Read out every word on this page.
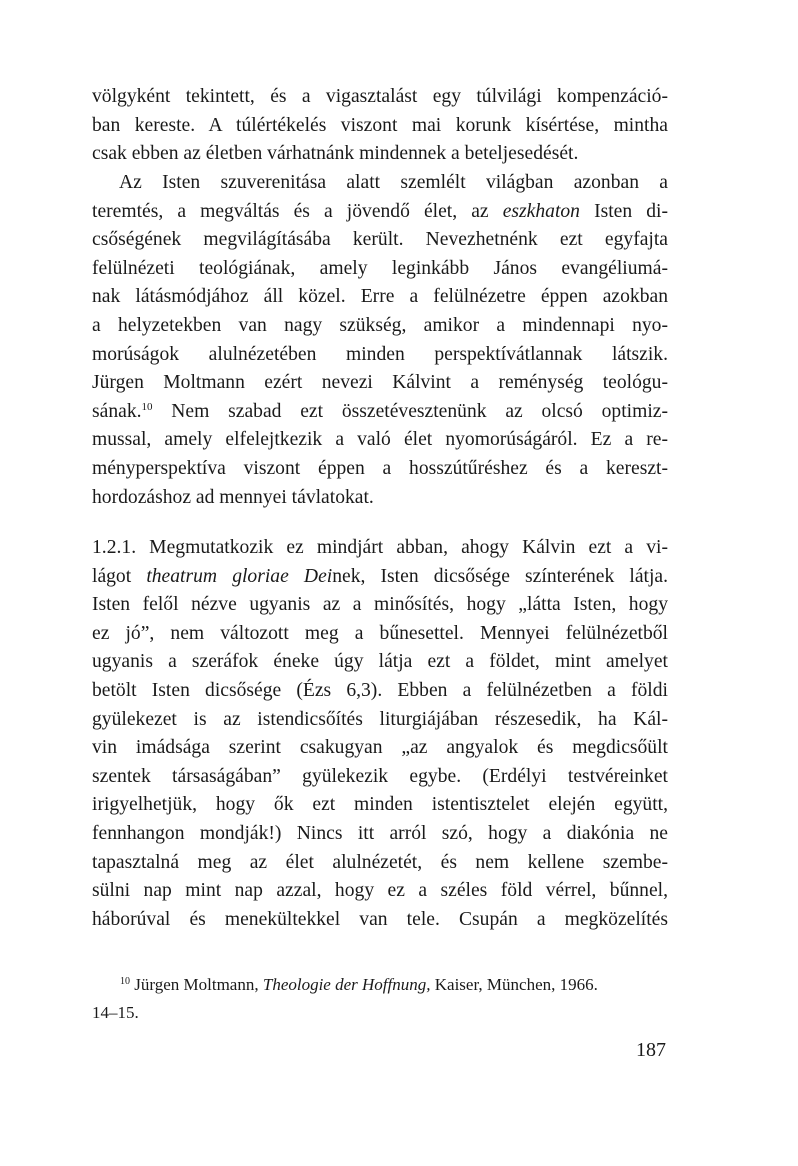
völgyként tekintett, és a vigasztalást egy túlvilági kompenzáció-
ban kereste. A túlértékelés viszont mai korunk kísértése, mintha
csak ebben az életben várhatnánk mindennek a beteljesedését.
Az Isten szuverenitása alatt szemlélt világban azonban a
teremtés, a megváltás és a jövendő élet, az eszkhaton Isten di-
csőségének megvilágításába került. Nevezhetnénk ezt egyfajta
felülnézeti teológiának, amely leginkább János evangéliumá-
nak látásmódjához áll közel. Erre a felülnézetre éppen azokban
a helyzetekben van nagy szükség, amikor a mindennapi nyo-
morúságok alulnézetében minden perspektívátlannak látszik.
Jürgen Moltmann ezért nevezi Kálvint a reménység teológu-
sának.$^{10}$ Nem szabad ezt összetévesztenünk az olcsó optimiz-
mussal, amely elfelejtkezik a való élet nyomorúságáról. Ez a re-
ményperspektíva viszont éppen a hosszútűréshez és a kereszt-
hordozáshoz ad mennyei távlatokat.
1.2.1. Megmutatkozik ez mindjárt abban, ahogy Kálvin ezt a vi-
lágot theatrum gloriae Deinek, Isten dicsősége színterének látja.
Isten felől nézve ugyanis az a minősítés, hogy „látta Isten, hogy
ez jó”, nem változott meg a bűnesettel. Mennyei felülnézetből
ugyanis a szeráfok éneke úgy látja ezt a földet, mint amelyet
betölt Isten dicsősége (Ézs 6,3). Ebben a felülnézetben a földi
gyülekezet is az istendicsőítés liturgiájában részesedik, ha Kál-
vin imádsága szerint csakugyan „az angyalok és megdicsőült
szentek társaságában” gyülekezik egybe. (Erdélyi testvéreinket
irigyelhetjük, hogy ők ezt minden istentisztelet elején együtt,
fennhangon mondják!) Nincs itt arról szó, hogy a diakónia ne
tapasztalná meg az élet alulnézetét, és nem kellene szembe-
sülni nap mint nap azzal, hogy ez a széles föld vérrel, bűnnel,
háborúval és menekültekkel van tele. Csupán a megközelítés
$^{10}$ Jürgen Moltmann, Theologie der Hoffnung, Kaiser, München, 1966.
14–15.
187
